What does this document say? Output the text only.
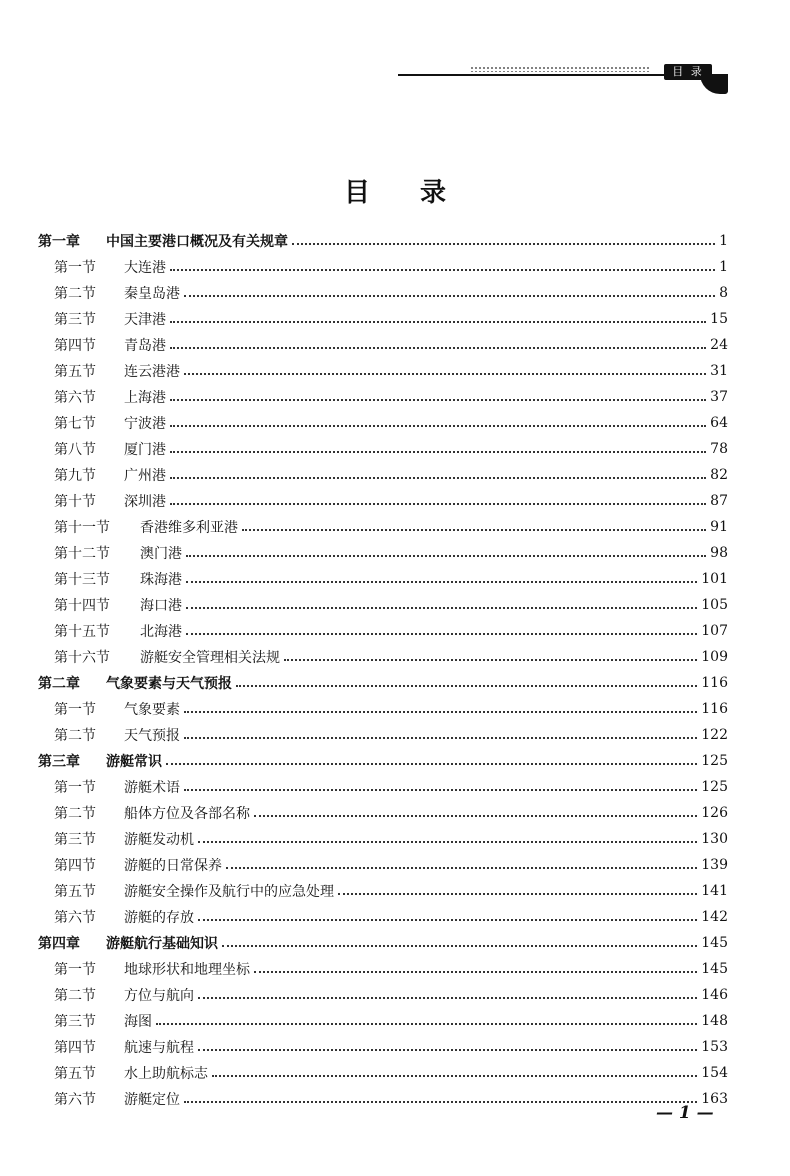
目 录
目录
第一章	中国主要港口概况及有关规章	1
第一节	大连港	1
第二节	秦皇岛港	8
第三节	天津港	15
第四节	青岛港	24
第五节	连云港港	31
第六节	上海港	37
第七节	宁波港	64
第八节	厦门港	78
第九节	广州港	82
第十节	深圳港	87
第十一节	香港维多利亚港	91
第十二节	澳门港	98
第十三节	珠海港	101
第十四节	海口港	105
第十五节	北海港	107
第十六节	游艇安全管理相关法规	109
第二章	气象要素与天气预报	116
第一节	气象要素	116
第二节	天气预报	122
第三章	游艇常识	125
第一节	游艇术语	125
第二节	船体方位及各部名称	126
第三节	游艇发动机	130
第四节	游艇的日常保养	139
第五节	游艇安全操作及航行中的应急处理	141
第六节	游艇的存放	142
第四章	游艇航行基础知识	145
第一节	地球形状和地理坐标	145
第二节	方位与航向	146
第三节	海图	148
第四节	航速与航程	153
第五节	水上助航标志	154
第六节	游艇定位	163
— 1 —
